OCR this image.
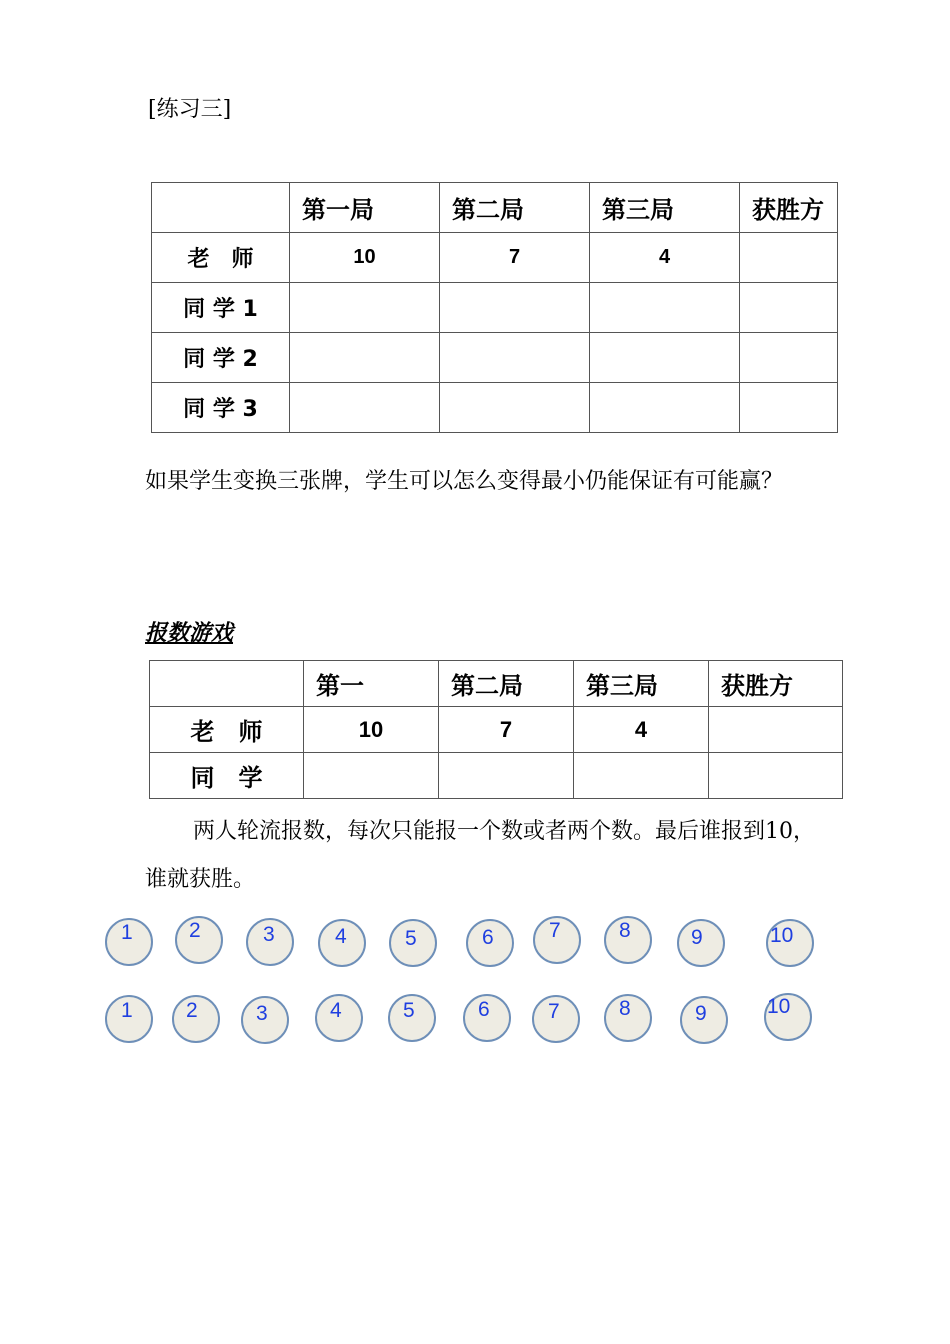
[练习三]
	第一局	第二局	第三局	获胜方
老　师	10	7	4	
同 学 1				
同 学 2				
同 学 3				
如果学生变换三张牌，学生可以怎么变得最小仍能保证有可能赢？
报数游戏
	第一	第二局	第三局	获胜方
老　师	10	7	4	
同　学				
两人轮流报数，每次只能报一个数或者两个数。最后谁报到10，谁就获胜。
1	2	3	4	5	6	7	8	9	10
1	2	3	4	5	6	7	8	9	10
